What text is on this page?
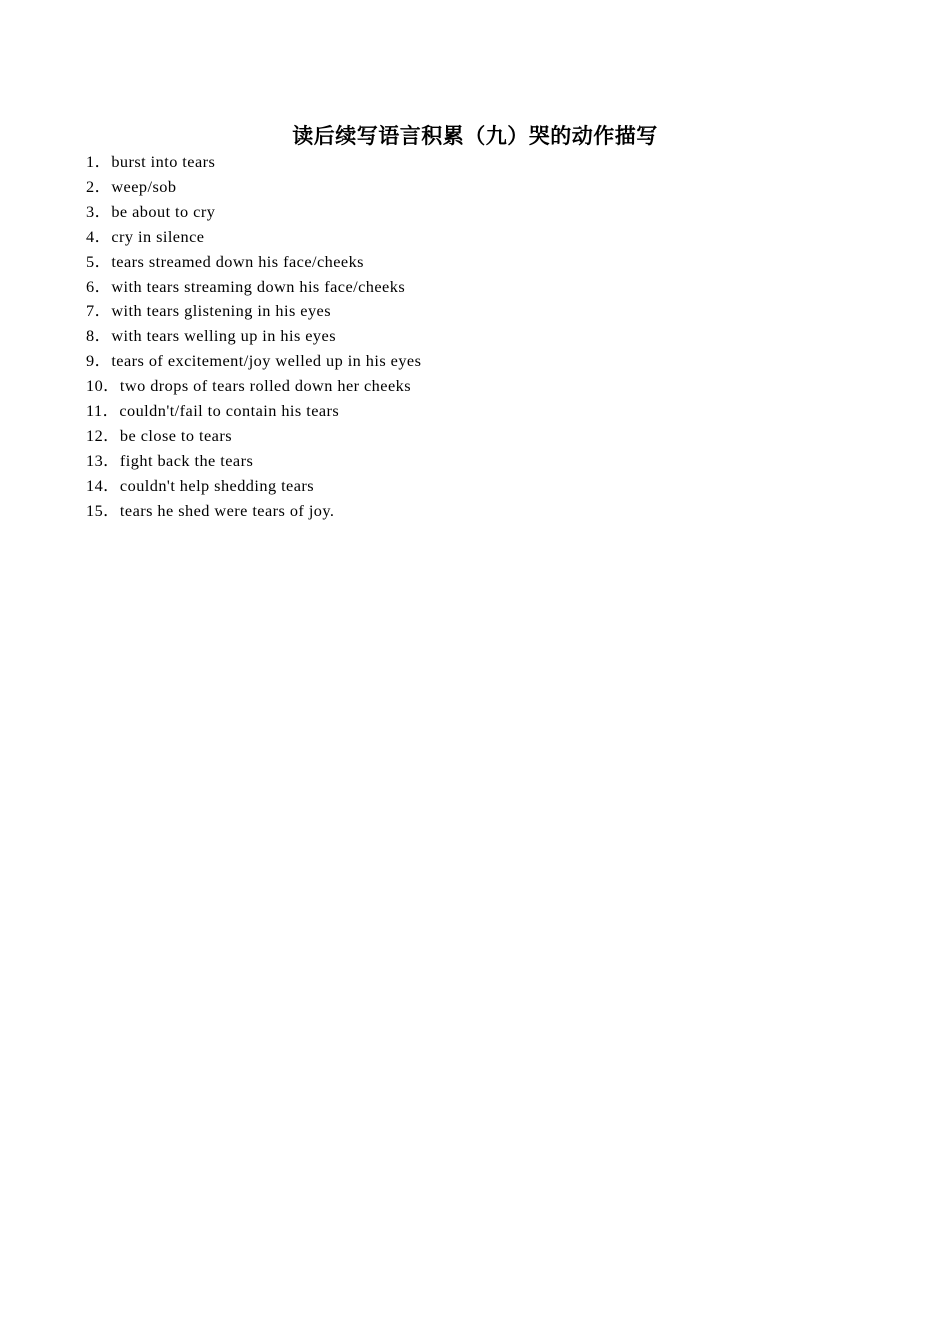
读后续写语言积累（九）哭的动作描写
1．burst into tears
2．weep/sob
3．be about to cry
4．cry in silence
5．tears streamed down his face/cheeks
6．with tears streaming down his face/cheeks
7．with tears glistening in his eyes
8．with tears welling up in his eyes
9．tears of excitement/joy welled up in his eyes
10．two drops of tears rolled down her cheeks
11．couldn't/fail to contain his tears
12．be close to tears
13．fight back the tears
14．couldn't help shedding tears
15．tears he shed were tears of joy.
